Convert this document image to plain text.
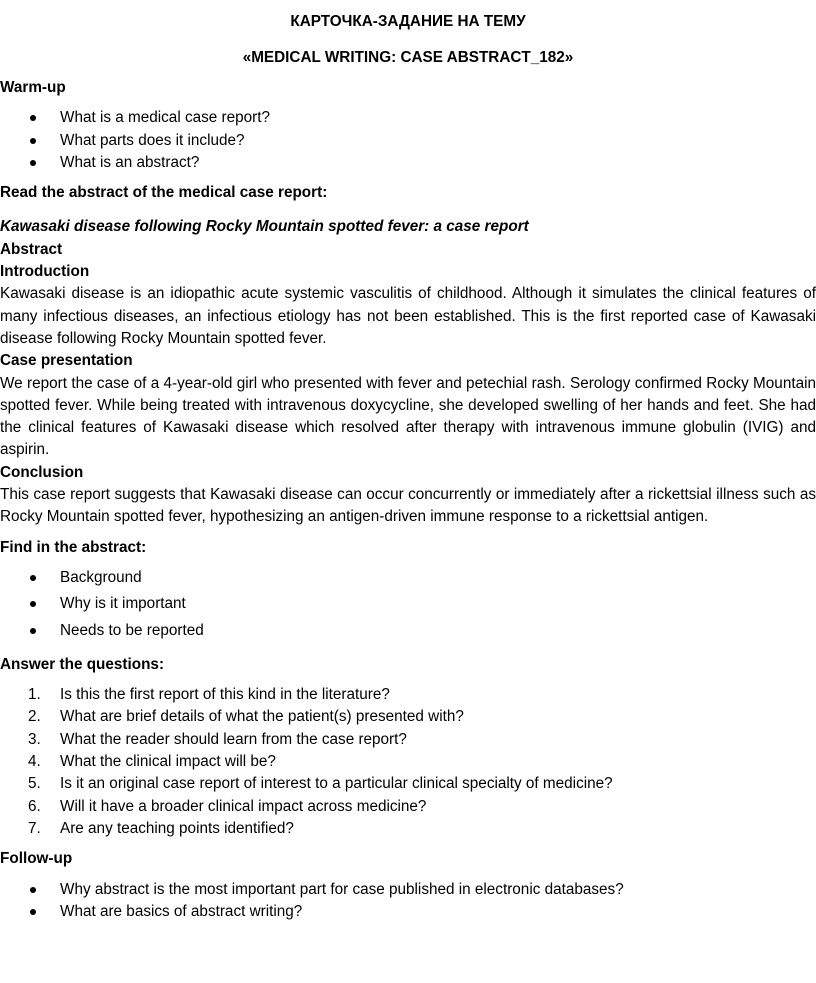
КАРТОЧКА-ЗАДАНИЕ НА ТЕМУ

«MEDICAL WRITING: CASE ABSTRACT_182»

Warm-up

What is a medical case report?
What parts does it include?
What is an abstract?

Read the abstract of the medical case report:

Kawasaki disease following Rocky Mountain spotted fever: a case report

Abstract

Introduction

Kawasaki disease is an idiopathic acute systemic vasculitis of childhood. Although it simulates the clinical features of many infectious diseases, an infectious etiology has not been established. This is the first reported case of Kawasaki disease following Rocky Mountain spotted fever.

Case presentation

We report the case of a 4-year-old girl who presented with fever and petechial rash. Serology confirmed Rocky Mountain spotted fever. While being treated with intravenous doxycycline, she developed swelling of her hands and feet. She had the clinical features of Kawasaki disease which resolved after therapy with intravenous immune globulin (IVIG) and aspirin.

Conclusion

This case report suggests that Kawasaki disease can occur concurrently or immediately after a rickettsial illness such as Rocky Mountain spotted fever, hypothesizing an antigen-driven immune response to a rickettsial antigen.

Find in the abstract:

Background
Why is it important
Needs to be reported

Answer the questions:

1. Is this the first report of this kind in the literature?
2. What are brief details of what the patient(s) presented with?
3. What the reader should learn from the case report?
4. What the clinical impact will be?
5. Is it an original case report of interest to a particular clinical specialty of medicine?
6. Will it have a broader clinical impact across medicine?
7. Are any teaching points identified?

Follow-up

Why abstract is the most important part for case published in electronic databases?
What are basics of abstract writing?
